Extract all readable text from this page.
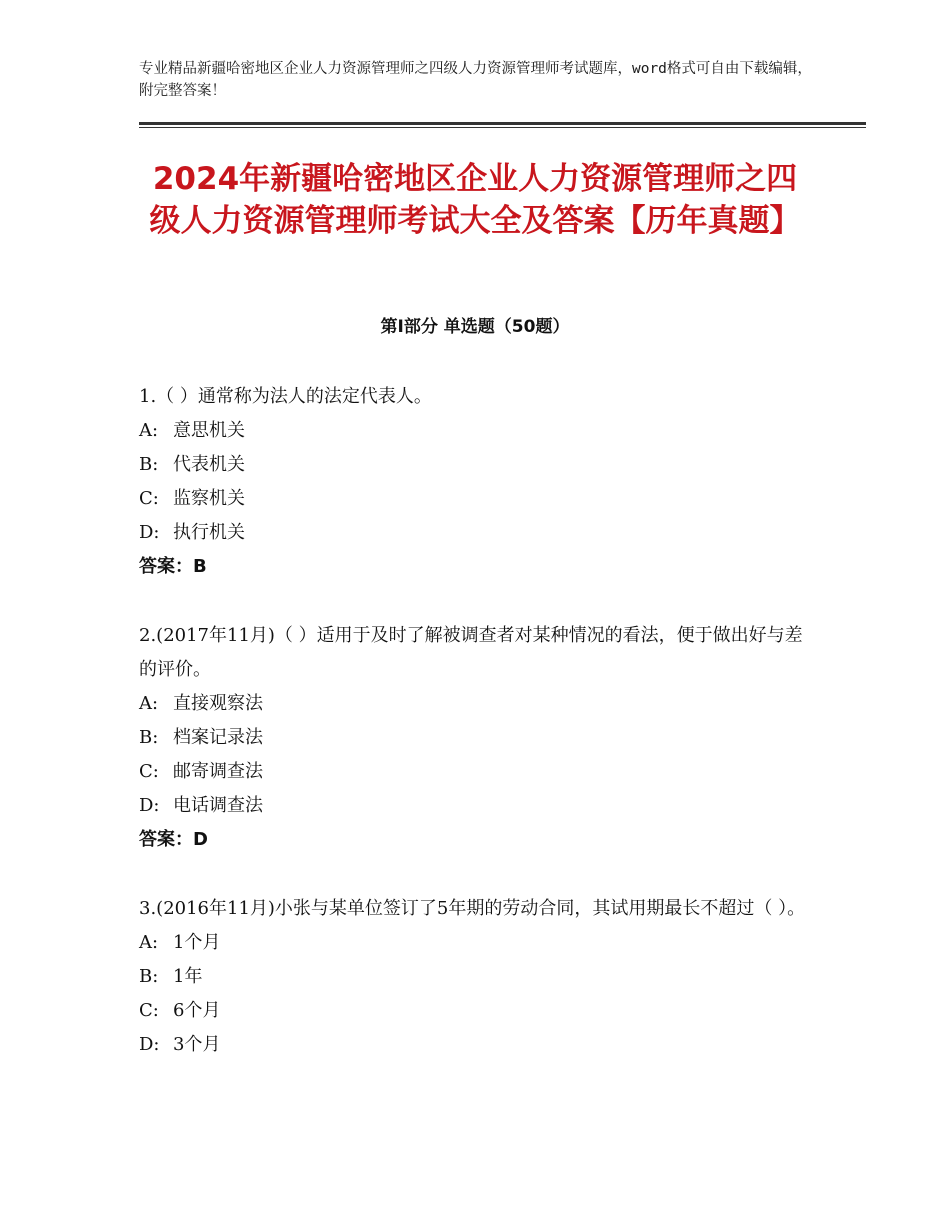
专业精品新疆哈密地区企业人力资源管理师之四级人力资源管理师考试题库，word格式可自由下载编辑，附完整答案！
2024年新疆哈密地区企业人力资源管理师之四级人力资源管理师考试大全及答案【历年真题】
第Ⅰ部分 单选题（50题）

1.（ ）通常称为法人的法定代表人。

A: 意思机关

B: 代表机关

C: 监察机关

D: 执行机关

答案：B

2.(2017年11月)（ ）适用于及时了解被调查者对某种情况的看法，便于做出好与差的评价。

A: 直接观察法

B: 档案记录法

C: 邮寄调查法

D: 电话调查法

答案：D

3.(2016年11月)小张与某单位签订了5年期的劳动合同，其试用期最长不超过（ ）。

A: 1个月

B: 1年

C: 6个月

D: 3个月
